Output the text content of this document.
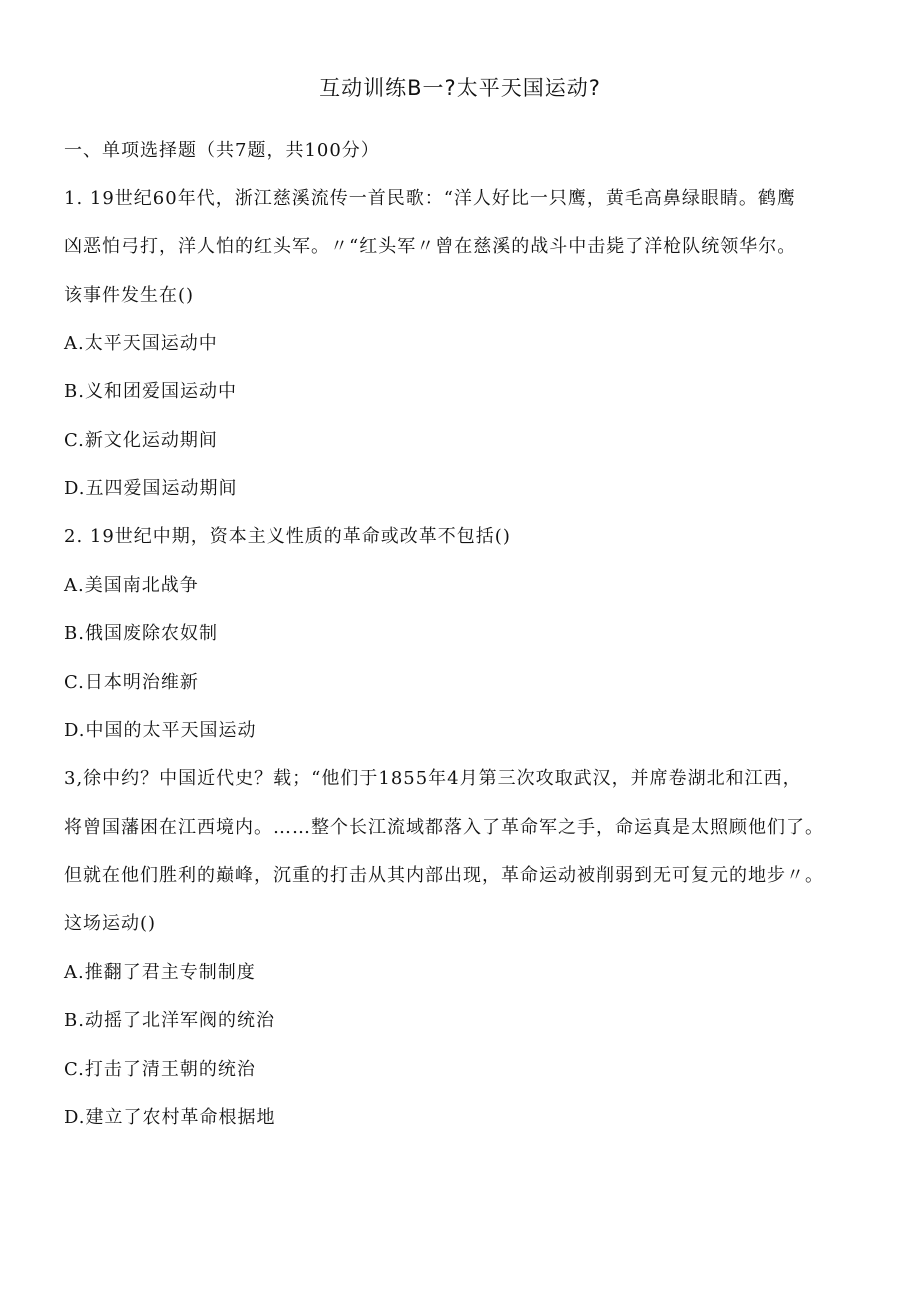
互动训练B一?太平天国运动?
一、单项选择题（共7题，共100分）
1. 19世纪60年代，浙江慈溪流传一首民歌：“洋人好比一只鹰，黄毛高鼻绿眼睛。鹤鹰
凶恶怕弓打，洋人怕的红头军。〃“红头军〃曾在慈溪的战斗中击毙了洋枪队统领华尔。
该事件发生在()
A.太平天国运动中
B.义和团爱国运动中
C.新文化运动期间
D.五四爱国运动期间
2. 19世纪中期，资本主义性质的革命或改革不包括()
A.美国南北战争
B.俄国废除农奴制
C.日本明治维新
D.中国的太平天国运动
3,徐中约？中国近代史？载；“他们于1855年4月第三次攻取武汉，并席卷湖北和江西，
将曾国藩困在江西境内。……整个长江流域都落入了革命军之手，命运真是太照顾他们了。
但就在他们胜利的巅峰，沉重的打击从其内部出现，革命运动被削弱到无可复元的地步〃。
这场运动()
A.推翻了君主专制制度
B.动摇了北洋军阀的统治
C.打击了清王朝的统治
D.建立了农村革命根据地
